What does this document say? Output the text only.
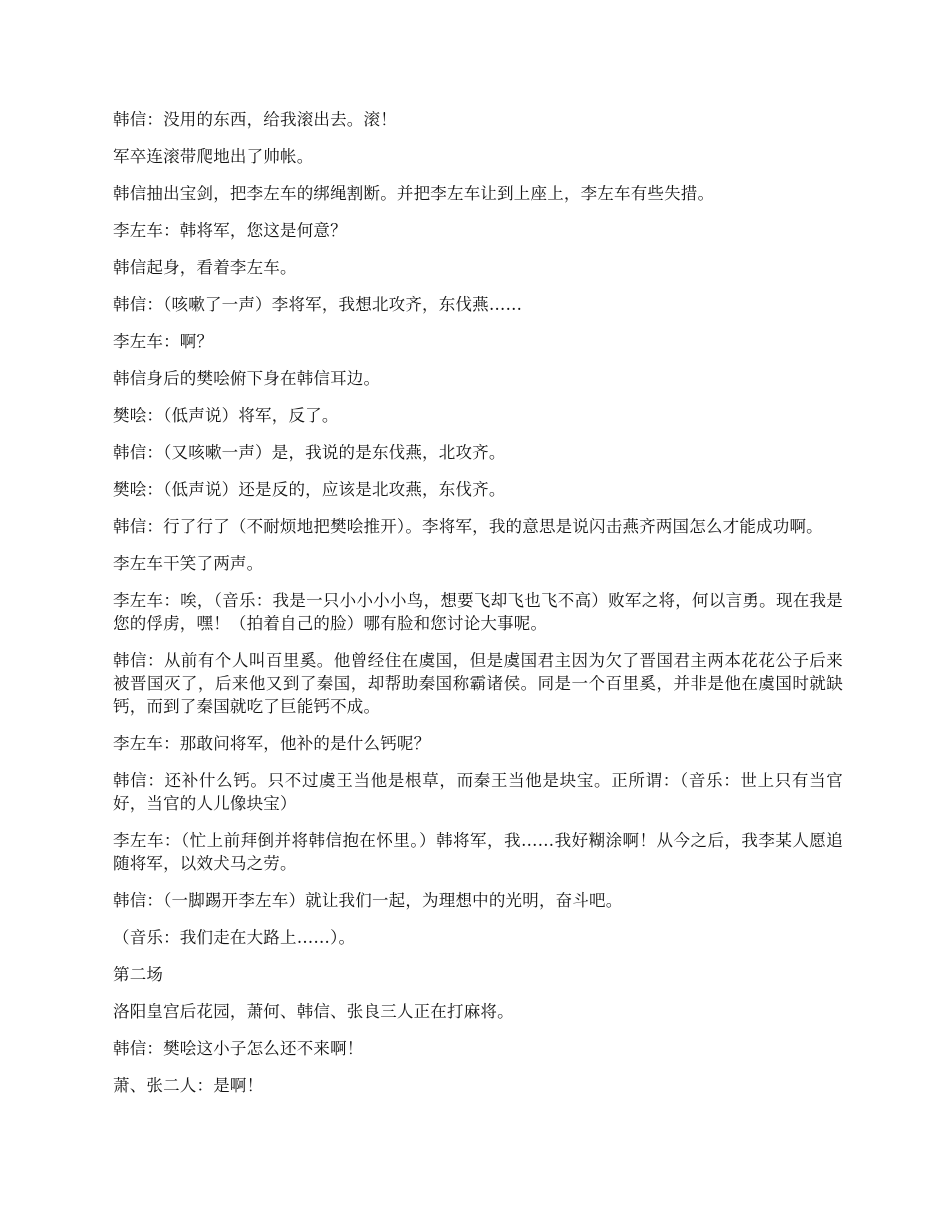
韩信：没用的东西，给我滚出去。滚！

军卒连滚带爬地出了帅帐。

韩信抽出宝剑，把李左车的绑绳割断。并把李左车让到上座上，李左车有些失措。

李左车：韩将军，您这是何意？

韩信起身，看着李左车。

韩信：（咳嗽了一声）李将军，我想北攻齐，东伐燕……

李左车：啊？

韩信身后的樊哙俯下身在韩信耳边。

樊哙：（低声说）将军，反了。

韩信：（又咳嗽一声）是，我说的是东伐燕，北攻齐。

樊哙：（低声说）还是反的，应该是北攻燕，东伐齐。

韩信：行了行了（不耐烦地把樊哙推开）。李将军，我的意思是说闪击燕齐两国怎么才能成功啊。

李左车干笑了两声。

李左车：唉，（音乐：我是一只小小小小鸟，想要飞却飞也飞不高）败军之将，何以言勇。现在我是您的俘虏，嘿！（拍着自己的脸）哪有脸和您讨论大事呢。

韩信：从前有个人叫百里奚。他曾经住在虞国，但是虞国君主因为欠了晋国君主两本花花公子后来被晋国灭了，后来他又到了秦国，却帮助秦国称霸诸侯。同是一个百里奚，并非是他在虞国时就缺钙，而到了秦国就吃了巨能钙不成。

李左车：那敢问将军，他补的是什么钙呢？

韩信：还补什么钙。只不过虞王当他是根草，而秦王当他是块宝。正所谓：（音乐：世上只有当官好，当官的人儿像块宝）

李左车：（忙上前拜倒并将韩信抱在怀里。）韩将军，我……我好糊涂啊！从今之后，我李某人愿追随将军，以效犬马之劳。

韩信：（一脚踢开李左车）就让我们一起，为理想中的光明，奋斗吧。

（音乐：我们走在大路上……）。

第二场

洛阳皇宫后花园，萧何、韩信、张良三人正在打麻将。

韩信：樊哙这小子怎么还不来啊！

萧、张二人：是啊！
